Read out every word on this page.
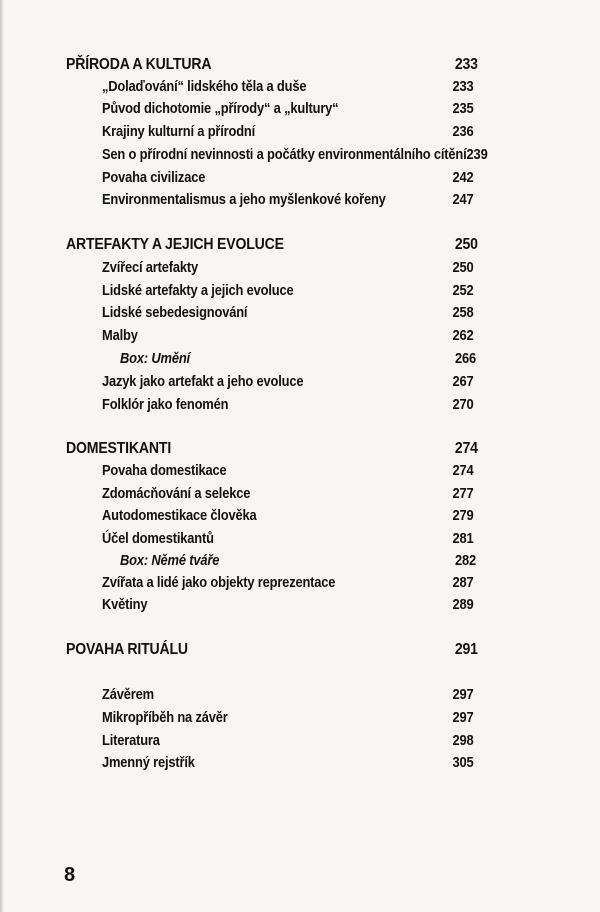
PŘÍRODA A KULTURA	233
„Dolaďování“ lidského těla a duše	233
Původ dichotomie „přírody“ a „kultury“	235
Krajiny kulturní a přírodní	236
Sen o přírodní nevinnosti a počátky environmentálního cítění 239
Povaha civilizace	242
Environmentalismus a jeho myšlenkové kořeny	247
ARTEFAKTY A JEJICH EVOLUCE	250
Zvířecí artefakty	250
Lidské artefakty a jejich evoluce	252
Lidské sebedesignování	258
Malby	262
Box: Umění	266
Jazyk jako artefakt a jeho evoluce	267
Folklór jako fenomén	270
DOMESTIKANTI	274
Povaha domestikace	274
Zdomácňování a selekce	277
Autodomestikace člověka	279
Účel domestikantů	281
Box: Němé tváře	282
Zvířata a lidé jako objekty reprezentace	287
Květiny	289
POVAHA RITUÁLU	291
Závěrem	297
Mikropříběh na závěr	297
Literatura	298
Jmenný rejstřík	305
8
